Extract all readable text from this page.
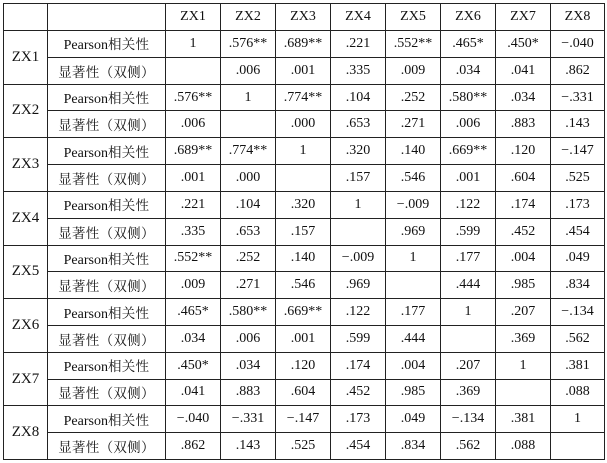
		ZX1	ZX2	ZX3	ZX4	ZX5	ZX6	ZX7	ZX8
ZX1	Pearson相关性	1	.576**	.689**	.221	.552**	.465*	.450*	−.040
	显著性（双侧）		.006	.001	.335	.009	.034	.041	.862
ZX2	Pearson相关性	.576**	1	.774**	.104	.252	.580**	.034	−.331
	显著性（双侧）	.006		.000	.653	.271	.006	.883	.143
ZX3	Pearson相关性	.689**	.774**	1	.320	.140	.669**	.120	−.147
	显著性（双侧）	.001	.000		.157	.546	.001	.604	.525
ZX4	Pearson相关性	.221	.104	.320	1	−.009	.122	.174	.173
	显著性（双侧）	.335	.653	.157		.969	.599	.452	.454
ZX5	Pearson相关性	.552**	.252	.140	−.009	1	.177	.004	.049
	显著性（双侧）	.009	.271	.546	.969		.444	.985	.834
ZX6	Pearson相关性	.465*	.580**	.669**	.122	.177	1	.207	−.134
	显著性（双侧）	.034	.006	.001	.599	.444		.369	.562
ZX7	Pearson相关性	.450*	.034	.120	.174	.004	.207	1	.381
	显著性（双侧）	.041	.883	.604	.452	.985	.369		.088
ZX8	Pearson相关性	−.040	−.331	−.147	.173	.049	−.134	.381	1
	显著性（双侧）	.862	.143	.525	.454	.834	.562	.088	
